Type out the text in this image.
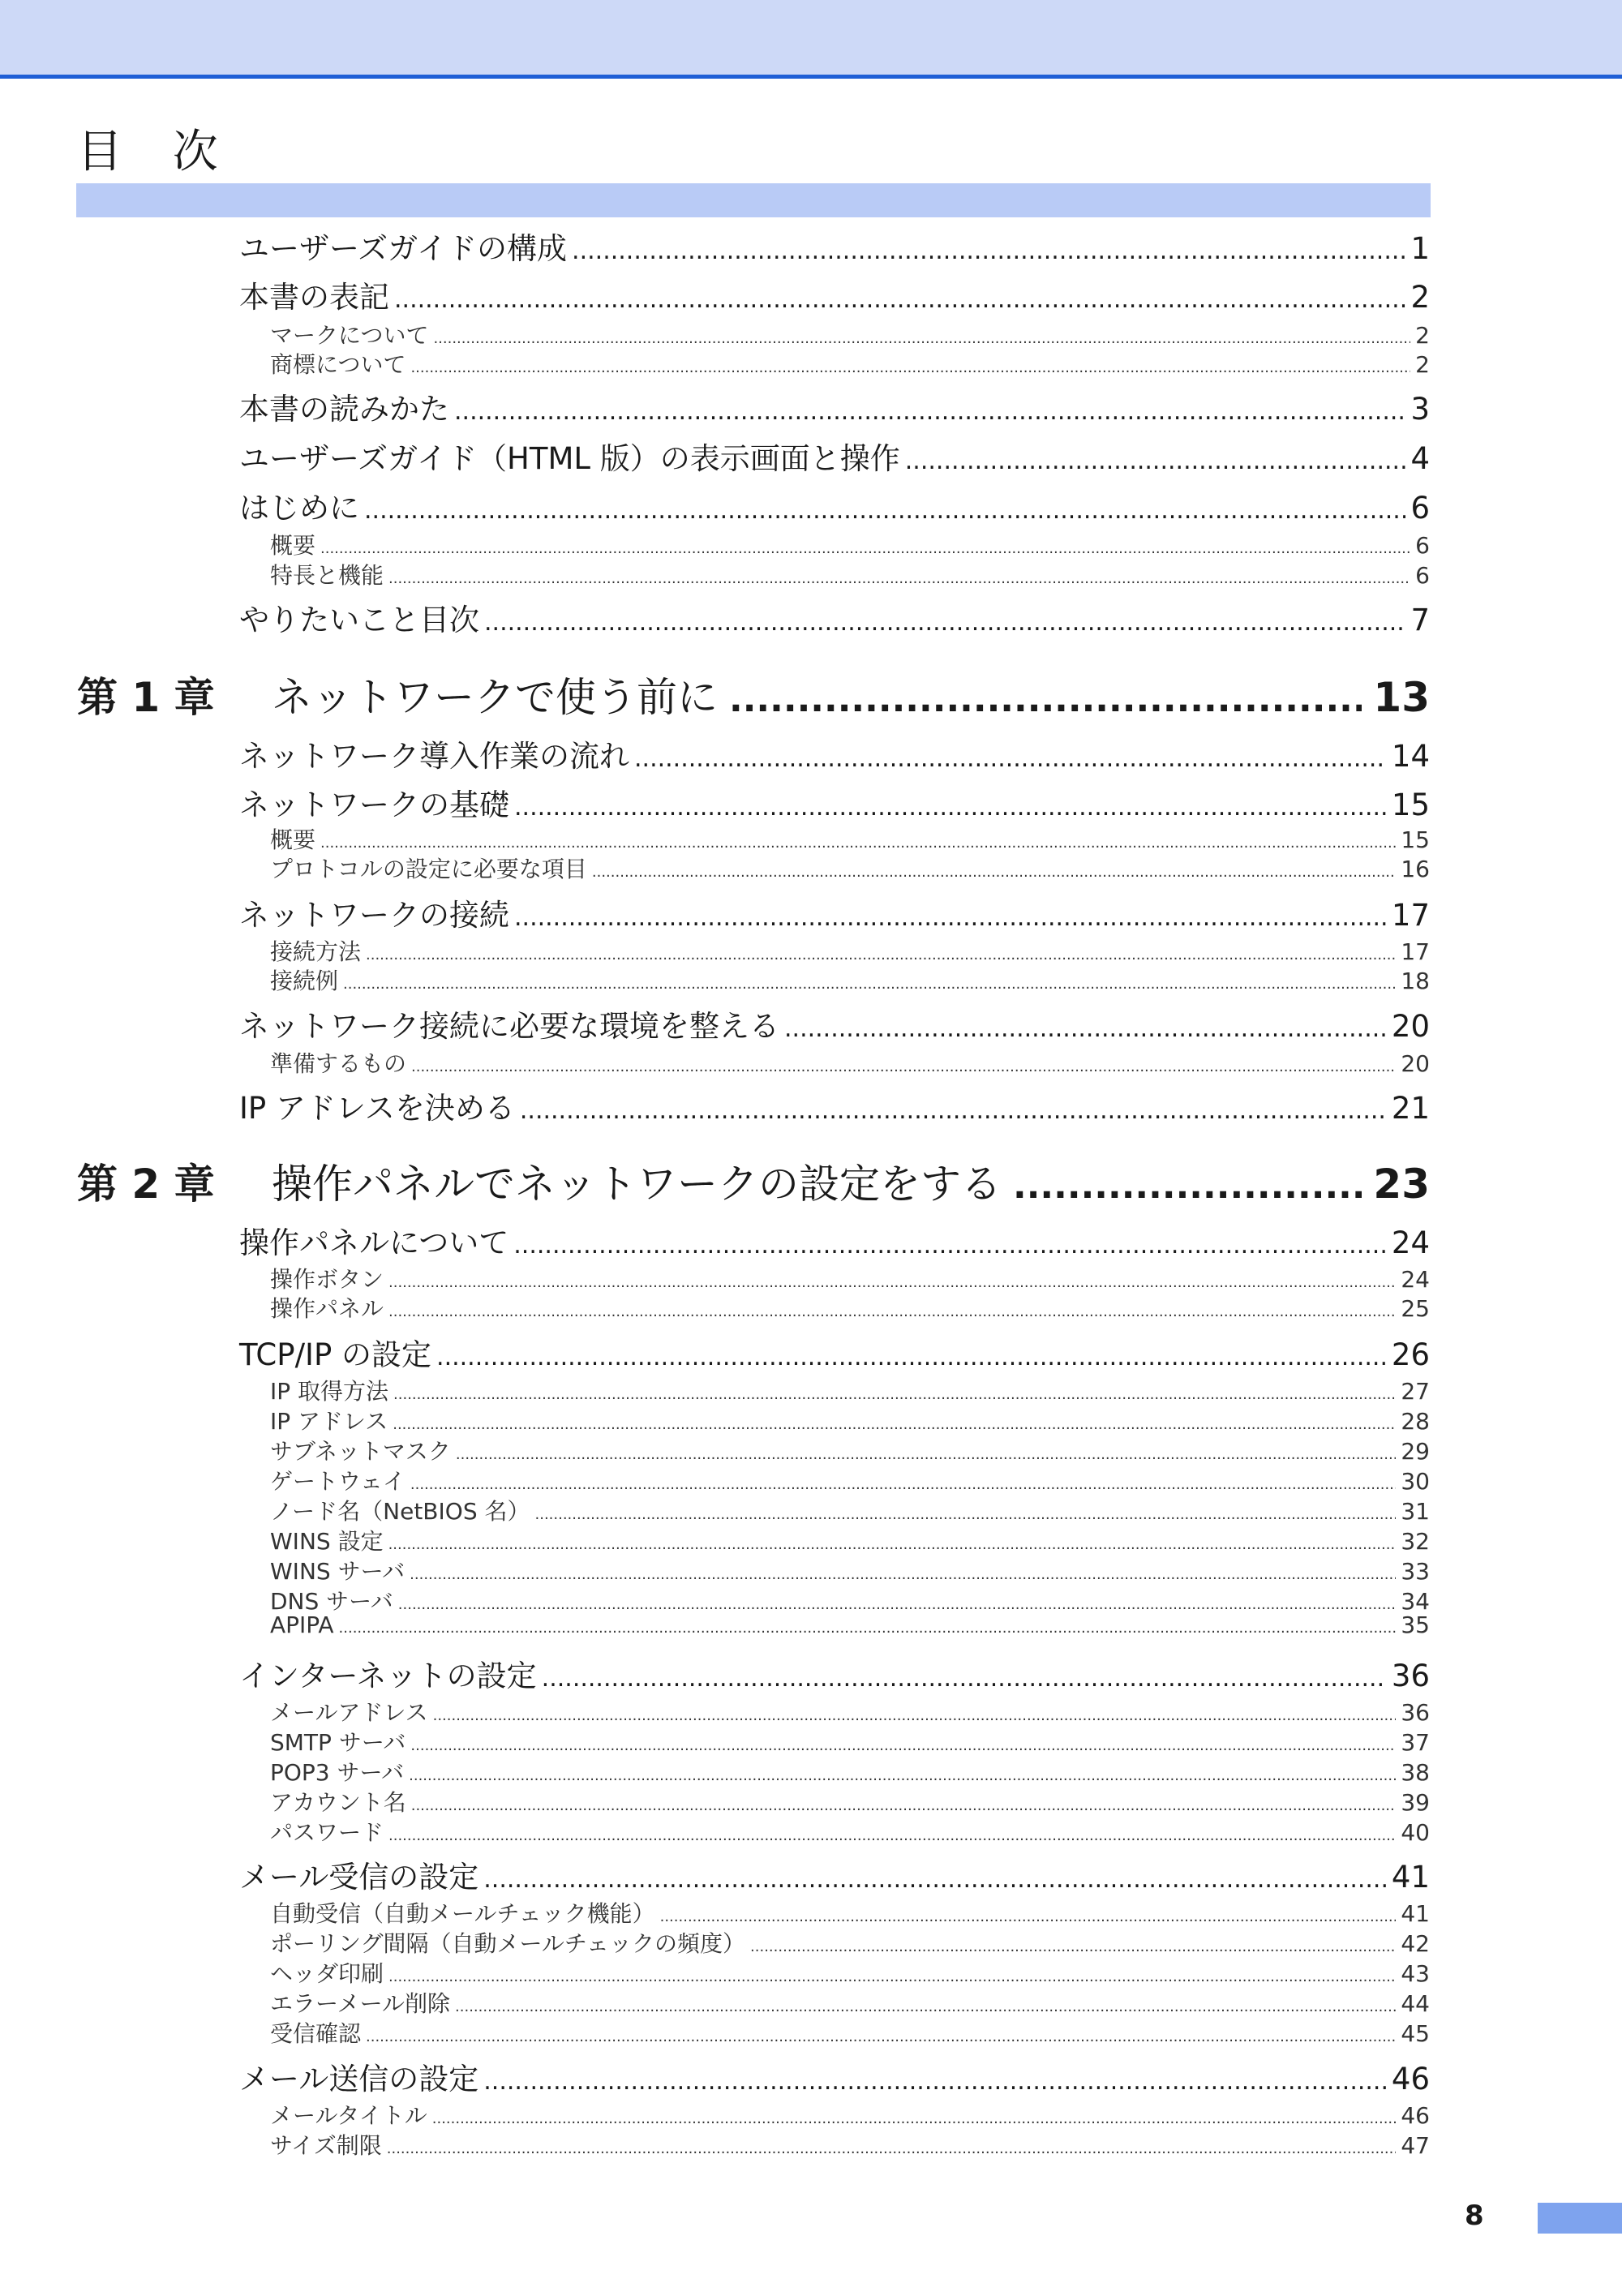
目 次
ユーザーズガイドの構成 .....	1
本書の表記 .....	2
マークについて .....	2
商標について .....	2
本書の読みかた .....	3
ユーザーズガイド（HTML 版）の表示画面と操作 .....	4
はじめに .....	6
概要 .....	6
特長と機能 .....	6
やりたいこと目次 .....	7
第 1 章	ネットワークで使う前に .....	13
ネットワーク導入作業の流れ .....	14
ネットワークの基礎 .....	15
概要 .....	15
プロトコルの設定に必要な項目 .....	16
ネットワークの接続 .....	17
接続方法 .....	17
接続例 .....	18
ネットワーク接続に必要な環境を整える .....	20
準備するもの .....	20
IP アドレスを決める .....	21
第 2 章	操作パネルでネットワークの設定をする .....	23
操作パネルについて .....	24
操作ボタン .....	24
操作パネル .....	25
TCP/IP の設定 .....	26
IP 取得方法 .....	27
IP アドレス .....	28
サブネットマスク .....	29
ゲートウェイ .....	30
ノード名（NetBIOS 名） .....	31
WINS 設定 .....	32
WINS サーバ .....	33
DNS サーバ .....	34
APIPA .....	35
インターネットの設定 .....	36
メールアドレス .....	36
SMTP サーバ .....	37
POP3 サーバ .....	38
アカウント名 .....	39
パスワード .....	40
メール受信の設定 .....	41
自動受信（自動メールチェック機能） .....	41
ポーリング間隔（自動メールチェックの頻度） .....	42
ヘッダ印刷 .....	43
エラーメール削除 .....	44
受信確認 .....	45
メール送信の設定 .....	46
メールタイトル .....	46
サイズ制限 .....	47
8
